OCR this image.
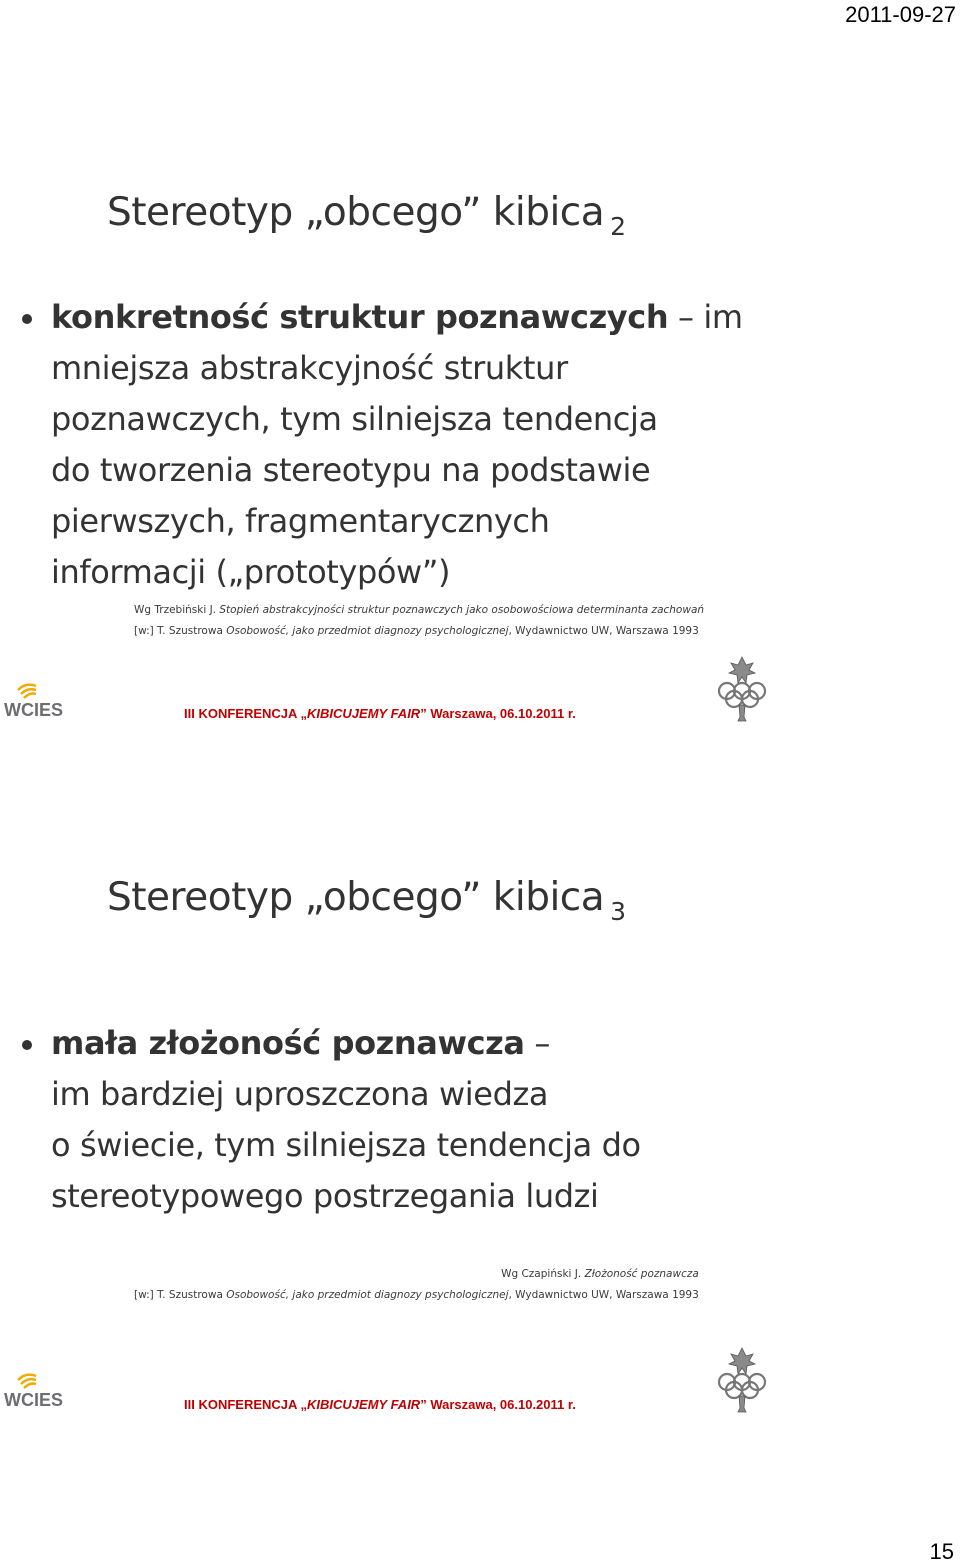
2011-09-27
Stereotyp „obcego” kibica $_2$
konkretność struktur poznawczych – im
mniejsza abstrakcyjność struktur
poznawczych, tym silniejsza tendencja
do tworzenia stereotypu na podstawie
pierwszych, fragmentarycznych
informacji („prototypów”)
Wg Trzebiński J. Stopień abstrakcyjności struktur poznawczych jako osobowościowa determinanta zachowań
[w:] T. Szustrowa Osobowość, jako przedmiot diagnozy psychologicznej, Wydawnictwo UW, Warszawa 1993
WCIES	III KONFERENCJA „KIBICUJEMY FAIR” Warszawa, 06.10.2011 r.
Stereotyp „obcego” kibica $_3$
mała złożoność poznawcza –
im bardziej uproszczona wiedza
o świecie, tym silniejsza tendencja do
stereotypowego postrzegania ludzi
Wg Czapiński J. Złożoność poznawcza
[w:] T. Szustrowa Osobowość, jako przedmiot diagnozy psychologicznej, Wydawnictwo UW, Warszawa 1993
WCIES	III KONFERENCJA „KIBICUJEMY FAIR” Warszawa, 06.10.2011 r.
15
